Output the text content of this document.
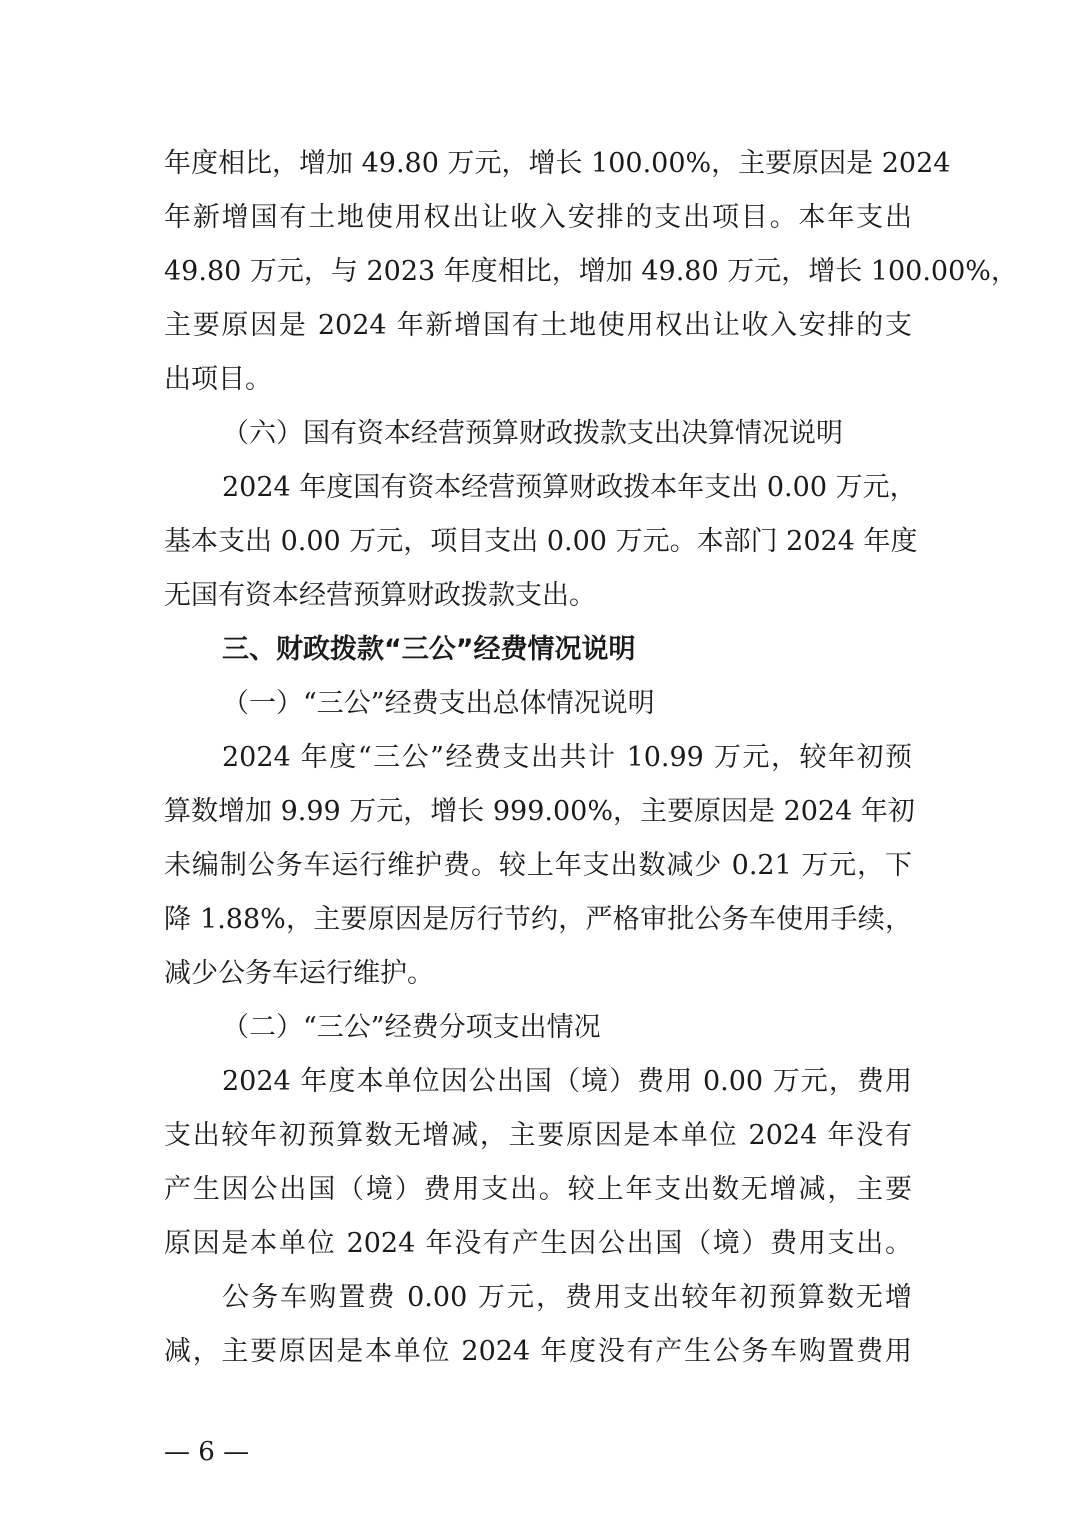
年度相比，增加 49.80 万元，增长 100.00%，主要原因是 2024
年新增国有土地使用权出让收入安排的支出项目。本年支出
49.80 万元，与 2023 年度相比，增加 49.80 万元，增长 100.00%，
主要原因是 2024 年新增国有土地使用权出让收入安排的支
出项目。
（六）国有资本经营预算财政拨款支出决算情况说明
2024 年度国有资本经营预算财政拨本年支出 0.00 万元，
基本支出 0.00 万元，项目支出 0.00 万元。本部门 2024 年度
无国有资本经营预算财政拨款支出。
三、财政拨款“三公”经费情况说明
（一）“三公”经费支出总体情况说明
2024 年度“三公”经费支出共计 10.99 万元，较年初预
算数增加 9.99 万元，增长 999.00%，主要原因是 2024 年初
未编制公务车运行维护费。较上年支出数减少 0.21 万元，下
降 1.88%，主要原因是厉行节约，严格审批公务车使用手续，
减少公务车运行维护。
（二）“三公”经费分项支出情况
2024 年度本单位因公出国（境）费用 0.00 万元，费用
支出较年初预算数无增减，主要原因是本单位 2024 年没有
产生因公出国（境）费用支出。较上年支出数无增减，主要
原因是本单位 2024 年没有产生因公出国（境）费用支出。
公务车购置费 0.00 万元，费用支出较年初预算数无增
减，主要原因是本单位 2024 年度没有产生公务车购置费用
— 6 —
